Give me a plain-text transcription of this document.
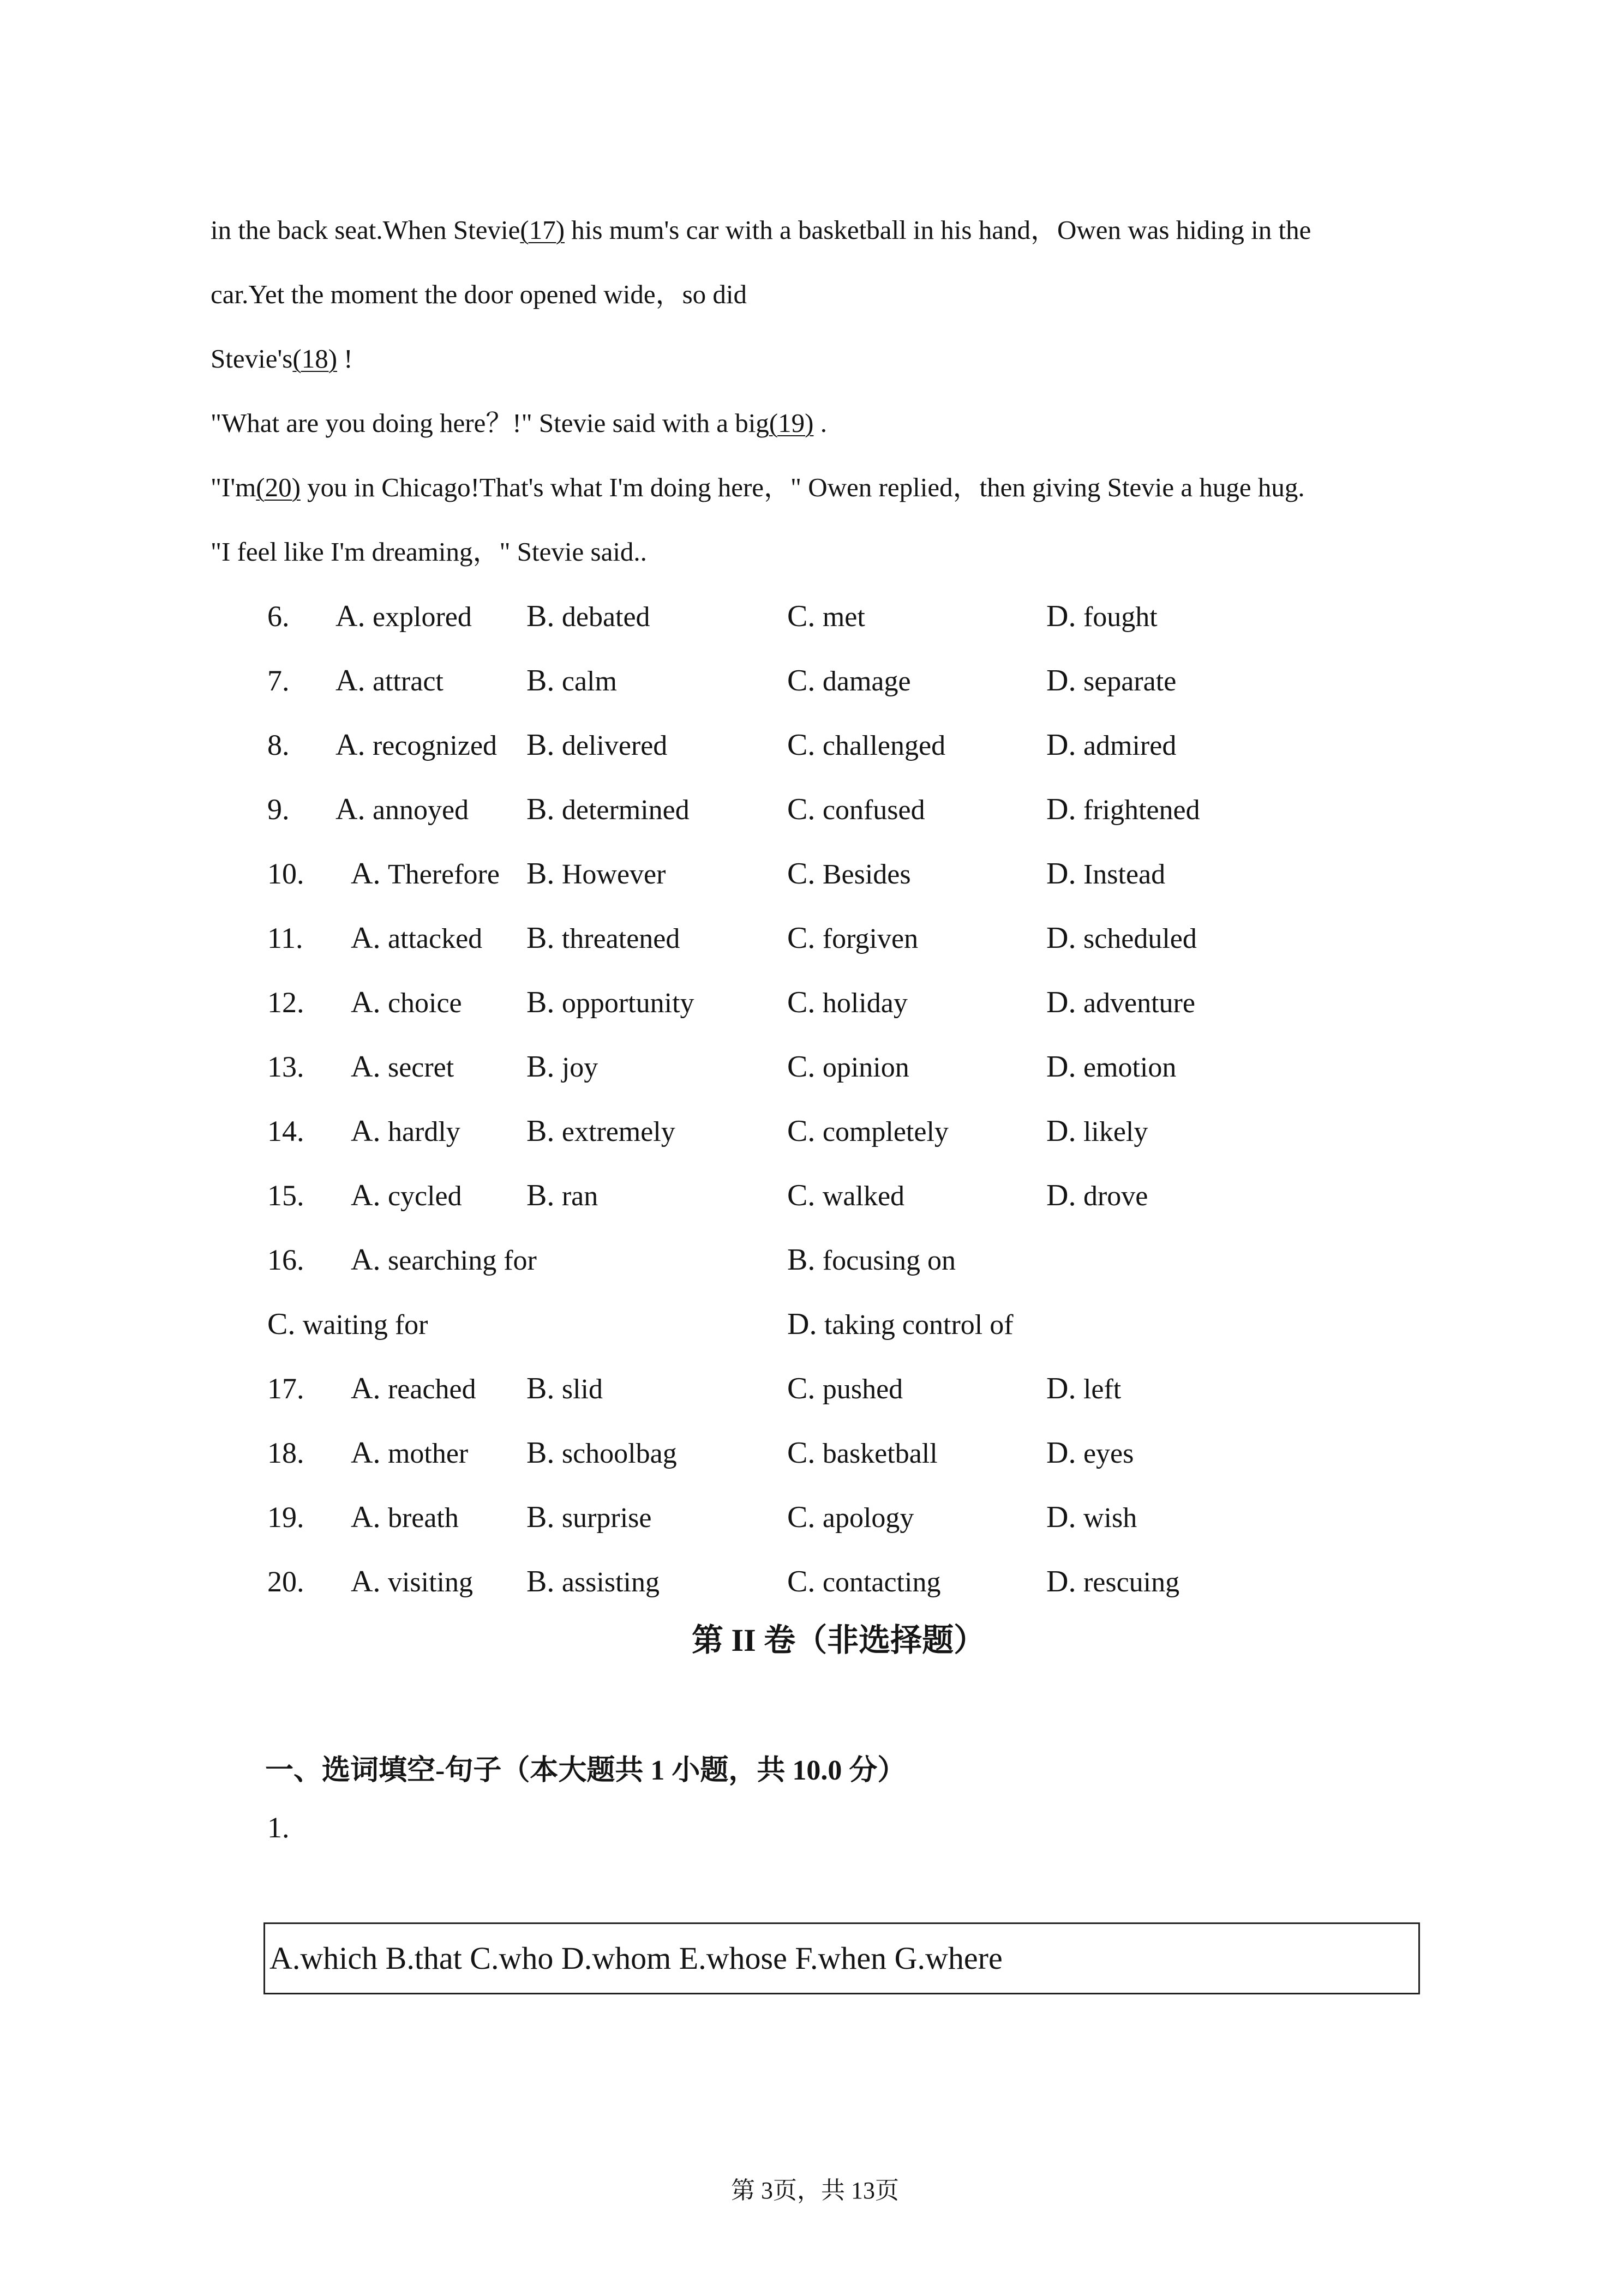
in the back seat.When Stevie(17) his mum's car with a basketball in his hand，Owen was hiding in the
car.Yet the moment the door opened wide，so did
Stevie's(18) !
"What are you doing here？!" Stevie said with a big(19) .
"I'm(20) you in Chicago!That's what I'm doing here，" Owen replied，then giving Stevie a huge hug.
"I feel like I'm dreaming，" Stevie said..
6. A. explored B. debated	C. met	D. fought
7. A. attract	B. calm	C. damage	D. separate
8. A. recognized B. delivered	C. challenged	D. admired
9. A. annoyed B. determined	C. confused	D. frightened
10. A. Therefore B. However	C. Besides	D. Instead
11. A. attacked B. threatened	C. forgiven	D. scheduled
12. A. choice B. opportunity	C. holiday	D. adventure
13. A. secret B. joy	C. opinion	D. emotion
14. A. hardly B. extremely	C. completely	D. likely
15. A. cycled B. ran	C. walked	D. drove
16. A. searching for	B. focusing on
C. waiting for	D. taking control of
17. A. reached B. slid	C. pushed	D. left
18. A. mother B. schoolbag	C. basketball	D. eyes
19. A. breath B. surprise	C. apology	D. wish
20. A. visiting B. assisting	C. contacting	D. rescuing
第 II 卷（非选择题）
一、选词填空-句子（本大题共 1 小题，共 10.0 分）
1.
A.which B.that C.who D.whom E.whose F.when G.where
第 3页，共 13页
